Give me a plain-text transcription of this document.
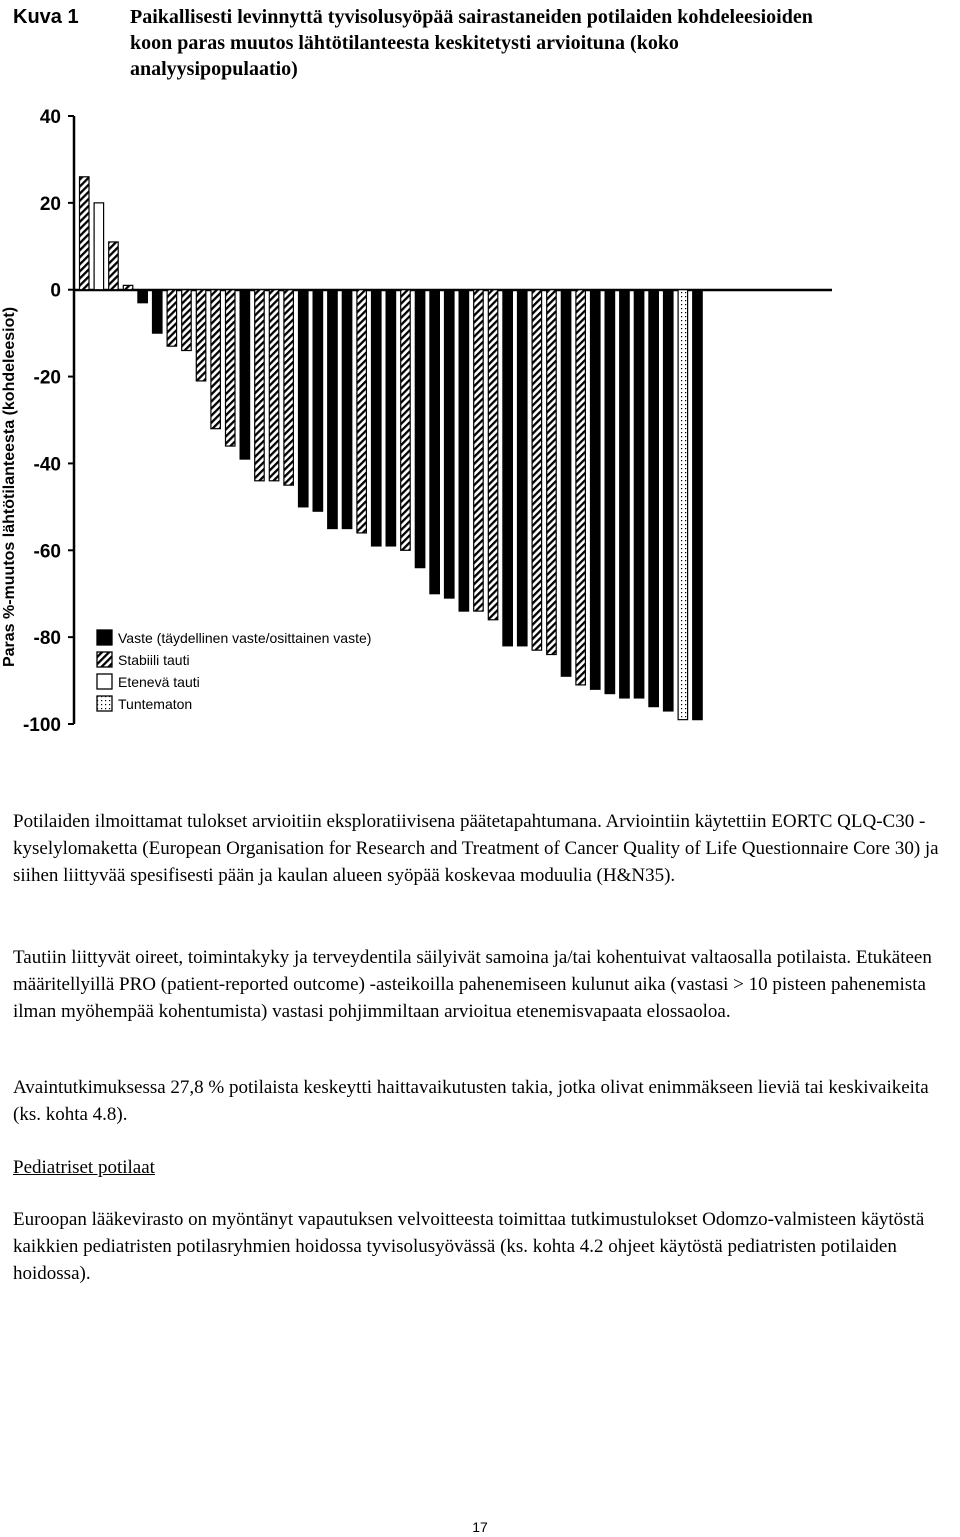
Kuva 1	Paikallisesti levinnyttä tyvisolusyöpää sairastaneiden potilaiden kohdeleesioiden
koon paras muutos lähtötilanteesta keskitetysti arvioituna (koko
analyysipopulaatio)
Paras %-muutos lähtötilanteesta (kohdeleesiot)
40
20
0
-20
-40
-60
-80
-100
Vaste (täydellinen vaste/osittainen vaste)
Stabiili tauti
Etenevä tauti
Tuntematon

Potilaiden ilmoittamat tulokset arvioitiin eksploratiivisena päätetapahtumana. Arviointiin käytettiin EORTC QLQ-C30 -kyselylomaketta (European Organisation for Research and Treatment of Cancer Quality of Life Questionnaire Core 30) ja siihen liittyvää spesifisesti pään ja kaulan alueen syöpää koskevaa moduulia (H&N35).

Tautiin liittyvät oireet, toimintakyky ja terveydentila säilyivät samoina ja/tai kohentuivat valtaosalla potilaista. Etukäteen määritellyillä PRO (patient-reported outcome) -asteikoilla pahenemiseen kulunut aika (vastasi > 10 pisteen pahenemista ilman myöhempää kohentumista) vastasi pohjimmiltaan arvioitua etenemisvapaata elossaoloa.

Avaintutkimuksessa 27,8 % potilaista keskeytti haittavaikutusten takia, jotka olivat enimmäkseen lieviä tai keskivaikeita (ks. kohta 4.8).

Pediatriset potilaat

Euroopan lääkevirasto on myöntänyt vapautuksen velvoitteesta toimittaa tutkimustulokset Odomzo-valmisteen käytöstä kaikkien pediatristen potilasryhmien hoidossa tyvisolusyövässä (ks. kohta 4.2 ohjeet käytöstä pediatristen potilaiden hoidossa).

17
